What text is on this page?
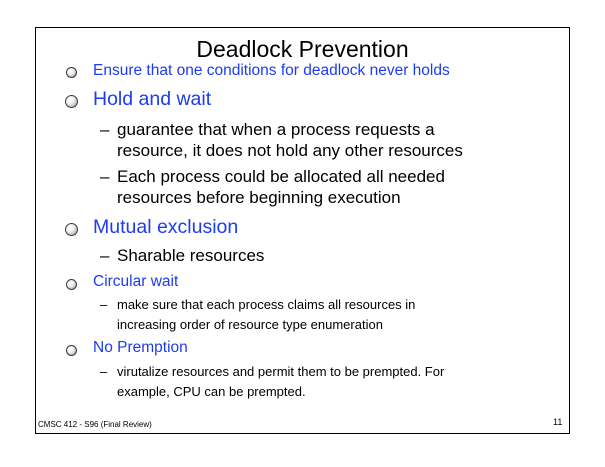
Deadlock Prevention
Ensure that one conditions for deadlock never holds
Hold and wait
– guarantee that when a process requests a
resource, it does not hold any other resources
– Each process could be allocated all needed
resources before beginning execution
Mutual exclusion
– Sharable resources
Circular wait
– make sure that each process claims all resources in
increasing order of resource type enumeration
No Premption
– virutalize resources and permit them to be prempted. For
example, CPU can be prempted.
CMSC 412 - S96 (Final Review)	11
